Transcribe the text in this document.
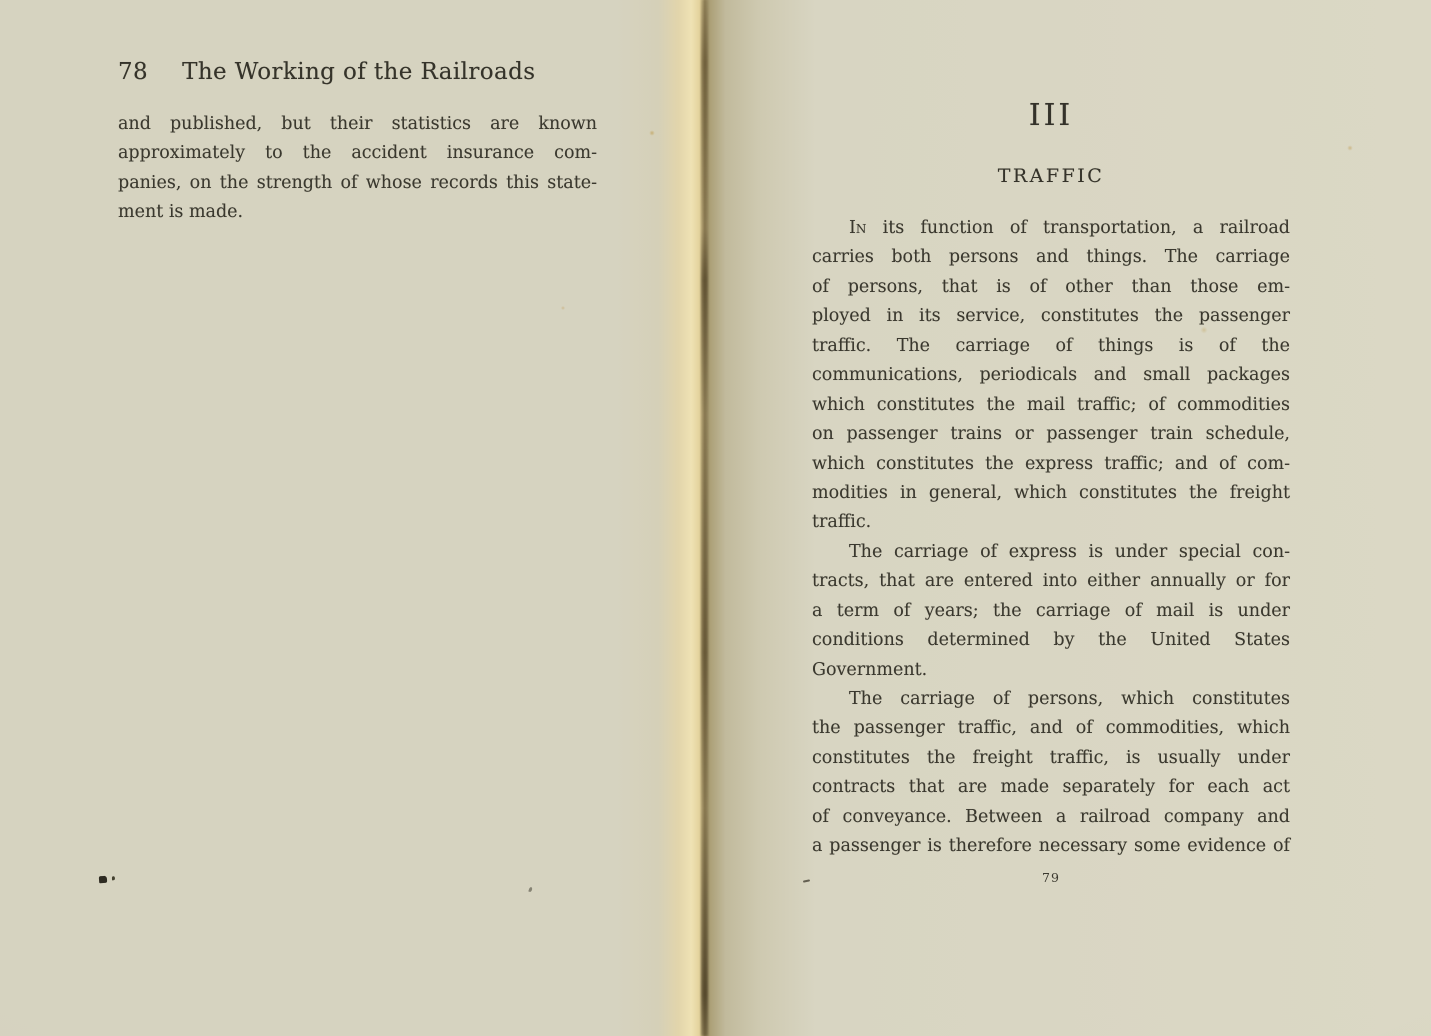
78 The Working of the Railroads
and published, but their statistics are known
approximately to the accident insurance com-
panies, on the strength of whose records this state-
ment is made.
III
TRAFFIC
In its function of transportation, a railroad
carries both persons and things. The carriage
of persons, that is of other than those em-
ployed in its service, constitutes the passenger
traffic. The carriage of things is of the
communications, periodicals and small packages
which constitutes the mail traffic; of commodities
on passenger trains or passenger train schedule,
which constitutes the express traffic; and of com-
modities in general, which constitutes the freight
traffic.
The carriage of express is under special con-
tracts, that are entered into either annually or for
a term of years; the carriage of mail is under
conditions determined by the United States
Government.
The carriage of persons, which constitutes
the passenger traffic, and of commodities, which
constitutes the freight traffic, is usually under
contracts that are made separately for each act
of conveyance. Between a railroad company and
a passenger is therefore necessary some evidence of
79
